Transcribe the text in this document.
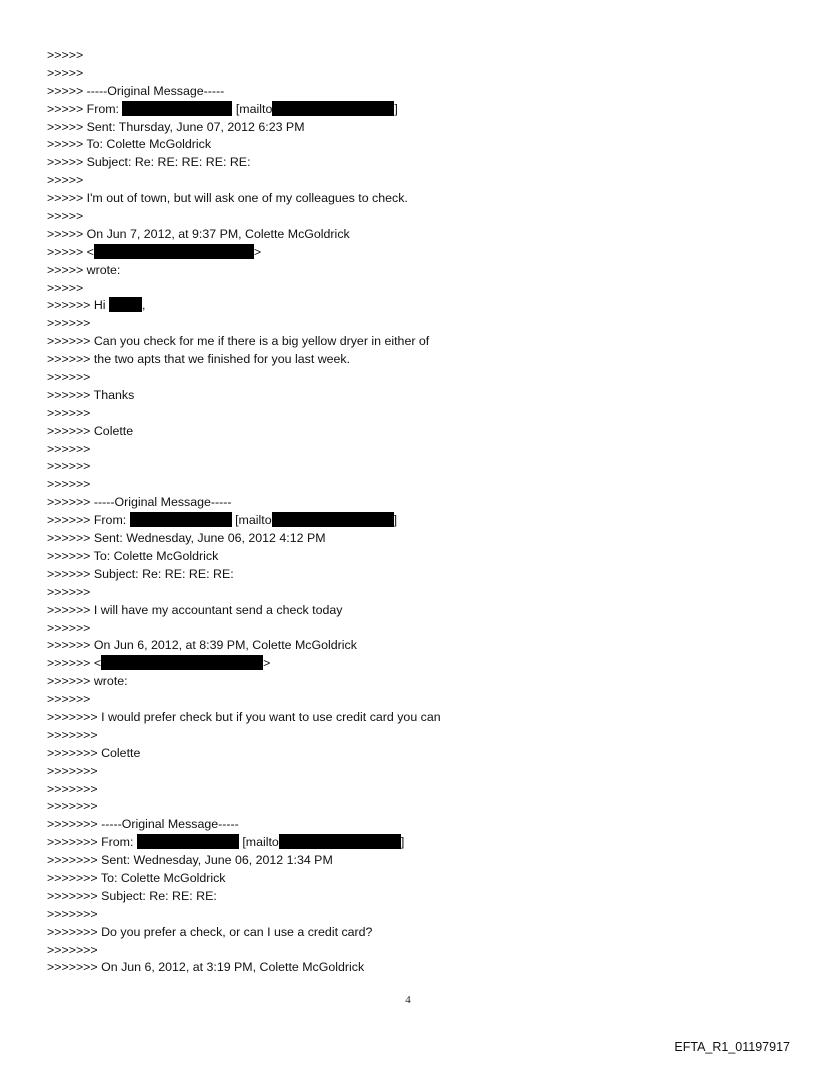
>>>>>
>>>>>
>>>>> -----Original Message-----
>>>>> From:	[mailto	]
>>>>> Sent: Thursday, June 07, 2012 6:23 PM
>>>>> To: Colette McGoldrick
>>>>> Subject: Re: RE: RE: RE: RE:
>>>>>
>>>>> I'm out of town, but will ask one of my colleagues to check.
>>>>>
>>>>> On Jun 7, 2012, at 9:37 PM, Colette McGoldrick
>>>>> <	>
>>>>> wrote:
>>>>>
>>>>>> Hi	,
>>>>>>
>>>>>> Can you check for me if there is a big yellow dryer in either of
>>>>>> the two apts that we finished for you last week.
>>>>>>
>>>>>> Thanks
>>>>>>
>>>>>> Colette
>>>>>>
>>>>>>
>>>>>>
>>>>>> -----Original Message-----
>>>>>> From:	[mailto	]
>>>>>> Sent: Wednesday, June 06, 2012 4:12 PM
>>>>>> To: Colette McGoldrick
>>>>>> Subject: Re: RE: RE: RE:
>>>>>>
>>>>>> I will have my accountant send a check today
>>>>>>
>>>>>> On Jun 6, 2012, at 8:39 PM, Colette McGoldrick
>>>>>> <	>
>>>>>> wrote:
>>>>>>
>>>>>>> I would prefer check but if you want to use credit card you can
>>>>>>>
>>>>>>> Colette
>>>>>>>
>>>>>>>
>>>>>>>
>>>>>>> -----Original Message-----
>>>>>>> From:	[mailto	]
>>>>>>> Sent: Wednesday, June 06, 2012 1:34 PM
>>>>>>> To: Colette McGoldrick
>>>>>>> Subject: Re: RE: RE:
>>>>>>>
>>>>>>> Do you prefer a check, or can I use a credit card?
>>>>>>>
>>>>>>> On Jun 6, 2012, at 3:19 PM, Colette McGoldrick
4
EFTA_R1_01197917
